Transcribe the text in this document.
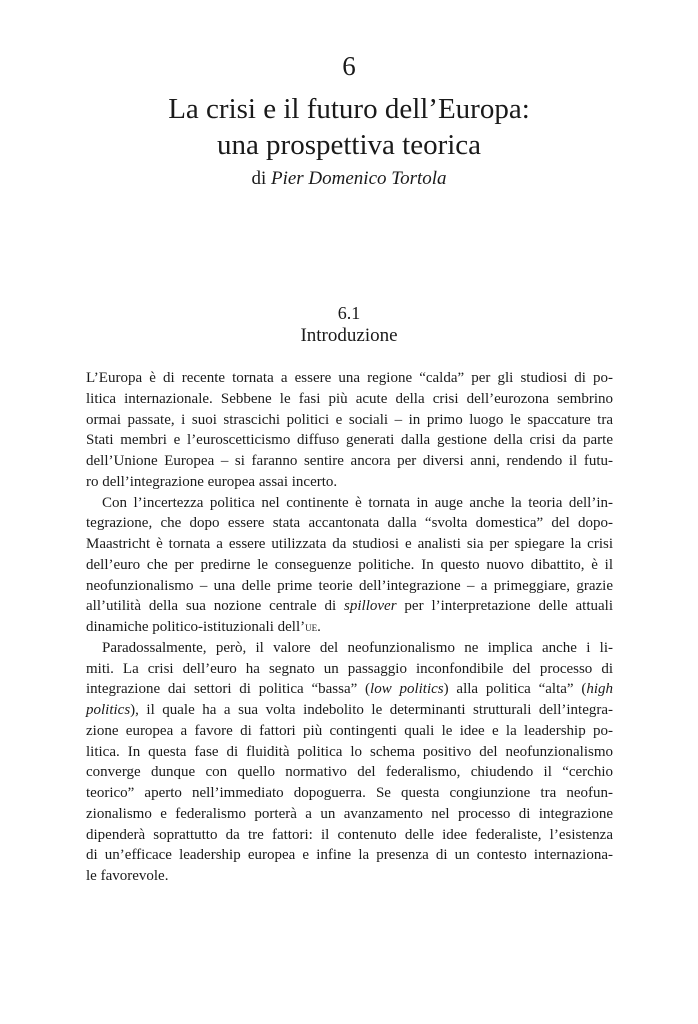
6
La crisi e il futuro dell’Europa:
una prospettiva teorica
di Pier Domenico Tortola
6.1
Introduzione
L’Europa è di recente tornata a essere una regione “calda” per gli studiosi di po-
litica internazionale. Sebbene le fasi più acute della crisi dell’eurozona sembrino
ormai passate, i suoi strascichi politici e sociali – in primo luogo le spaccature tra
Stati membri e l’euroscetticismo diffuso generati dalla gestione della crisi da parte
dell’Unione Europea – si faranno sentire ancora per diversi anni, rendendo il futu-
ro dell’integrazione europea assai incerto.
Con l’incertezza politica nel continente è tornata in auge anche la teoria dell’in-
tegrazione, che dopo essere stata accantonata dalla “svolta domestica” del dopo-
Maastricht è tornata a essere utilizzata da studiosi e analisti sia per spiegare la crisi
dell’euro che per predirne le conseguenze politiche. In questo nuovo dibattito, è il
neofunzionalismo – una delle prime teorie dell’integrazione – a primeggiare, grazie
all’utilità della sua nozione centrale di spillover per l’interpretazione delle attuali
dinamiche politico-istituzionali dell’ue.
Paradossalmente, però, il valore del neofunzionalismo ne implica anche i li-
miti. La crisi dell’euro ha segnato un passaggio inconfondibile del processo di
integrazione dai settori di politica “bassa” (low politics) alla politica “alta” (high
politics), il quale ha a sua volta indebolito le determinanti strutturali dell’integra-
zione europea a favore di fattori più contingenti quali le idee e la leadership po-
litica. In questa fase di fluidità politica lo schema positivo del neofunzionalismo
converge dunque con quello normativo del federalismo, chiudendo il “cerchio
teorico” aperto nell’immediato dopoguerra. Se questa congiunzione tra neofun-
zionalismo e federalismo porterà a un avanzamento nel processo di integrazione
dipenderà soprattutto da tre fattori: il contenuto delle idee federaliste, l’esistenza
di un’efficace leadership europea e infine la presenza di un contesto internaziona-
le favorevole.
